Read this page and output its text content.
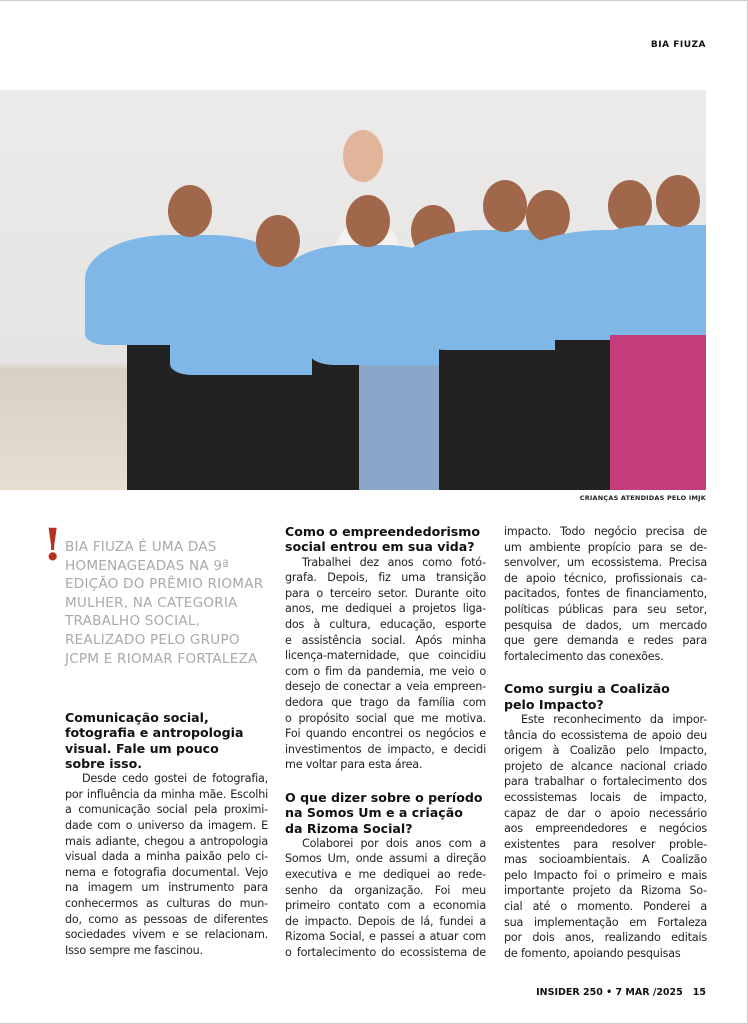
BIA FIUZA
CRIANÇAS ATENDIDAS PELO IMJK
! BIA FIUZA É UMA DAS HOMENAGEADAS NA 9ª EDIÇÃO DO PRÊMIO RIOMAR MULHER, NA CATEGORIA TRABALHO SOCIAL, REALIZADO PELO GRUPO JCPM E RIOMAR FORTALEZA
Comunicação social,
fotografia e antropologia
visual. Fale um pouco
sobre isso.
Desde cedo gostei de fotografia,
por influência da minha mãe. Escolhi
a comunicação social pela proximi-
dade com o universo da imagem. E
mais adiante, chegou a antropologia
visual dada a minha paixão pelo ci-
nema e fotografia documental. Vejo
na imagem um instrumento para
conhecermos as culturas do mun-
do, como as pessoas de diferentes
sociedades vivem e se relacionam.
Isso sempre me fascinou.
Como o empreendedorismo
social entrou em sua vida?
Trabalhei dez anos como fotó-
grafa. Depois, fiz uma transição
para o terceiro setor. Durante oito
anos, me dediquei a projetos liga-
dos à cultura, educação, esporte
e assistência social. Após minha
licença-maternidade, que coincidiu
com o fim da pandemia, me veio o
desejo de conectar a veia empreen-
dedora que trago da família com
o propósito social que me motiva.
Foi quando encontrei os negócios e
investimentos de impacto, e decidi
me voltar para esta área.
O que dizer sobre o período
na Somos Um e a criação
da Rizoma Social?
Colaborei por dois anos com a
Somos Um, onde assumi a direção
executiva e me dediquei ao rede-
senho da organização. Foi meu
primeiro contato com a economia
de impacto. Depois de lá, fundei a
Rizoma Social, e passei a atuar com
o fortalecimento do ecossistema de
impacto. Todo negócio precisa de
um ambiente propício para se de-
senvolver, um ecossistema. Precisa
de apoio técnico, profissionais ca-
pacitados, fontes de financiamento,
políticas públicas para seu setor,
pesquisa de dados, um mercado
que gere demanda e redes para
fortalecimento das conexões.
Como surgiu a Coalizão
pelo Impacto?
Este reconhecimento da impor-
tância do ecossistema de apoio deu
origem à Coalizão pelo Impacto,
projeto de alcance nacional criado
para trabalhar o fortalecimento dos
ecossistemas locais de impacto,
capaz de dar o apoio necessário
aos empreendedores e negócios
existentes para resolver proble-
mas socioambientais. A Coalizão
pelo Impacto foi o primeiro e mais
importante projeto da Rizoma So-
cial até o momento. Ponderei a
sua implementação em Fortaleza
por dois anos, realizando editais
de fomento, apoiando pesquisas
INSIDER 250 • 7 MAR /2025 15
